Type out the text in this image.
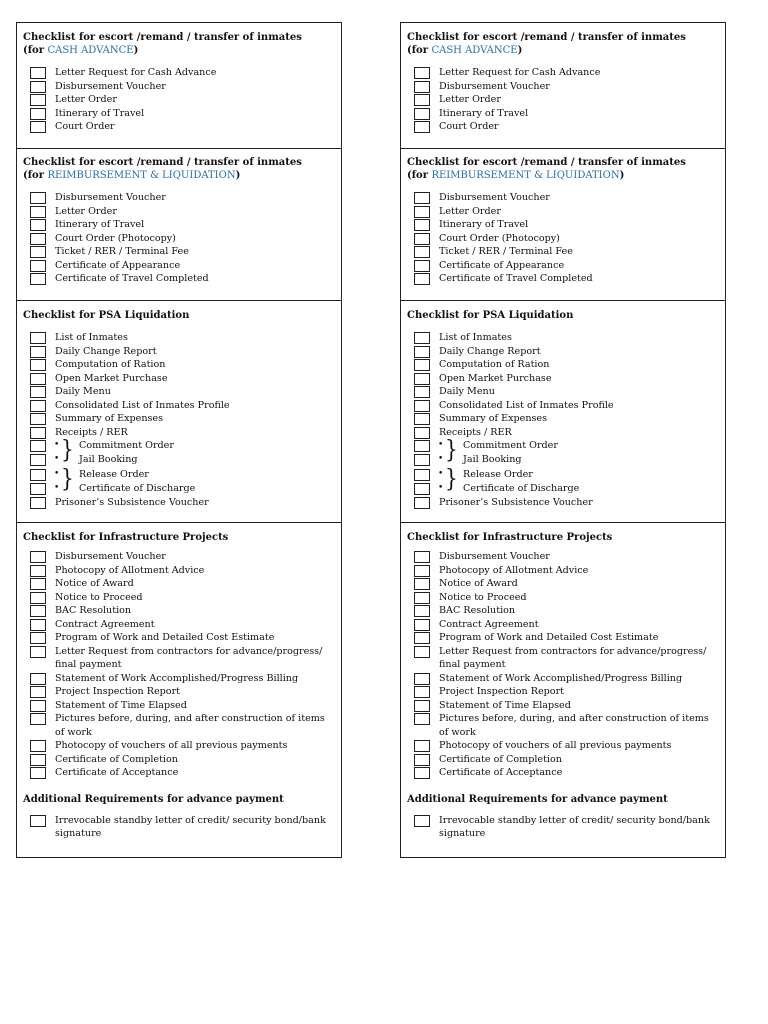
Checklist for escort /remand / transfer of inmates
(for CASH ADVANCE)
Letter Request for Cash Advance
Disbursement Voucher
Letter Order
Itinerary of Travel
Court Order
Checklist for escort /remand / transfer of inmates
(for REIMBURSEMENT & LIQUIDATION)
Disbursement Voucher
Letter Order
Itinerary of Travel
Court Order (Photocopy)
Ticket / RER / Terminal Fee
Certificate of Appearance
Certificate of Travel Completed
Checklist for PSA Liquidation
List of Inmates
Daily Change Report
Computation of Ration
Open Market Purchase
Daily Menu
Consolidated List of Inmates Profile
Summary of Expenses
Receipts / RER
• Commitment Order
• Jail Booking
• Release Order
• Certificate of Discharge
}
}
Prisoner’s Subsistence Voucher
Checklist for Infrastructure Projects
Disbursement Voucher
Photocopy of Allotment Advice
Notice of Award
Notice to Proceed
BAC Resolution
Contract Agreement
Program of Work and Detailed Cost Estimate
Letter Request from contractors for advance/progress/
final payment
Statement of Work Accomplished/Progress Billing
Project Inspection Report
Statement of Time Elapsed
Pictures before, during, and after construction of items
of work
Photocopy of vouchers of all previous payments
Certificate of Completion
Certificate of Acceptance
Additional Requirements for advance payment
Irrevocable standby letter of credit/ security bond/bank
signature
Checklist for escort /remand / transfer of inmates
(for CASH ADVANCE)
Letter Request for Cash Advance
Disbursement Voucher
Letter Order
Itinerary of Travel
Court Order
Checklist for escort /remand / transfer of inmates
(for REIMBURSEMENT & LIQUIDATION)
Disbursement Voucher
Letter Order
Itinerary of Travel
Court Order (Photocopy)
Ticket / RER / Terminal Fee
Certificate of Appearance
Certificate of Travel Completed
Checklist for PSA Liquidation
List of Inmates
Daily Change Report
Computation of Ration
Open Market Purchase
Daily Menu
Consolidated List of Inmates Profile
Summary of Expenses
Receipts / RER
• Commitment Order
• Jail Booking
• Release Order
• Certificate of Discharge
}
}
Prisoner’s Subsistence Voucher
Checklist for Infrastructure Projects
Disbursement Voucher
Photocopy of Allotment Advice
Notice of Award
Notice to Proceed
BAC Resolution
Contract Agreement
Program of Work and Detailed Cost Estimate
Letter Request from contractors for advance/progress/
final payment
Statement of Work Accomplished/Progress Billing
Project Inspection Report
Statement of Time Elapsed
Pictures before, during, and after construction of items
of work
Photocopy of vouchers of all previous payments
Certificate of Completion
Certificate of Acceptance
Additional Requirements for advance payment
Irrevocable standby letter of credit/ security bond/bank
signature
